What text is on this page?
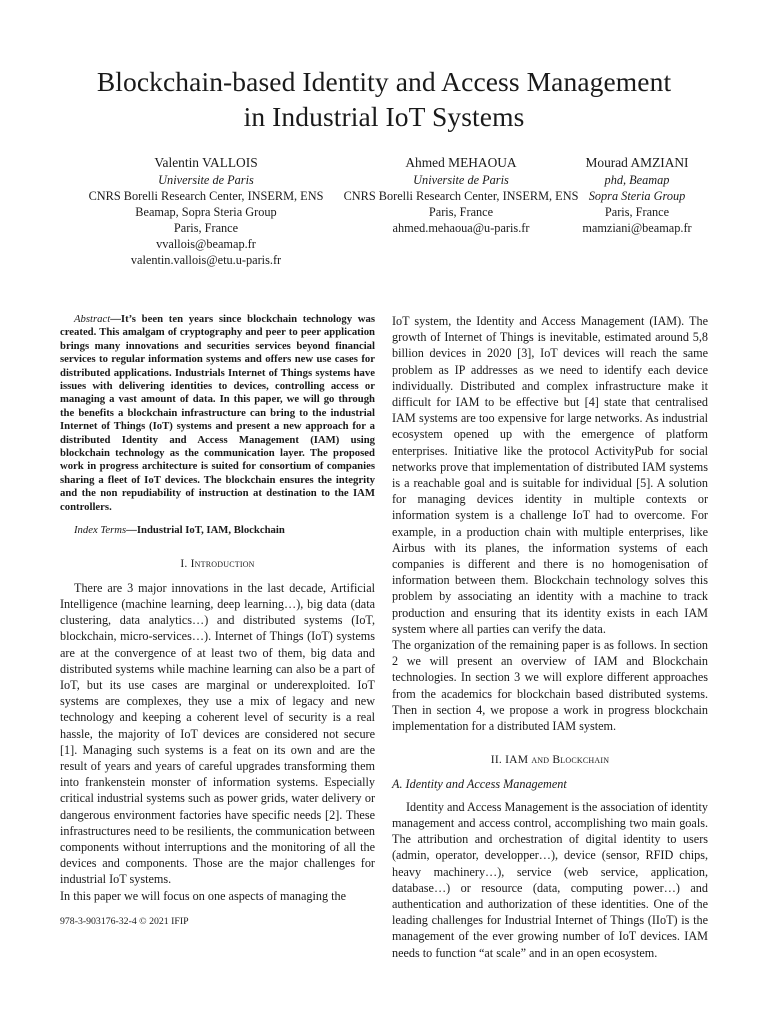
Blockchain-based Identity and Access Management
in Industrial IoT Systems
Valentin VALLOIS
Universite de Paris
CNRS Borelli Research Center, INSERM, ENS
Beamap, Sopra Steria Group
Paris, France
vvallois@beamap.fr
valentin.vallois@etu.u-paris.fr
Ahmed MEHAOUA
Universite de Paris
CNRS Borelli Research Center, INSERM, ENS
Paris, France
ahmed.mehaoua@u-paris.fr
Mourad AMZIANI
phd, Beamap
Sopra Steria Group
Paris, France
mamziani@beamap.fr

Abstract—It’s been ten years since blockchain technology was created. This amalgam of cryptography and peer to peer application brings many innovations and securities services beyond financial services to regular information systems and offers new use cases for distributed applications. Industrials Internet of Things systems have issues with delivering identities to devices, controlling access or managing a vast amount of data. In this paper, we will go through the benefits a blockchain infrastructure can bring to the industrial Internet of Things (IoT) systems and present a new approach for a distributed Identity and Access Management (IAM) using blockchain technology as the communication layer. The proposed work in progress architecture is suited for consortium of companies sharing a fleet of IoT devices. The blockchain ensures the integrity and the non repudiability of instruction at destination to the IAM controllers.

Index Terms—Industrial IoT, IAM, Blockchain

I. Introduction

There are 3 major innovations in the last decade, Artificial Intelligence (machine learning, deep learning…), big data (data clustering, data analytics…) and distributed systems (IoT, blockchain, micro-services…). Internet of Things (IoT) systems are at the convergence of at least two of them, big data and distributed systems while machine learning can also be a part of IoT, but its use cases are marginal or underexploited. IoT systems are complexes, they use a mix of legacy and new technology and keeping a coherent level of security is a real hassle, the majority of IoT devices are considered not secure [1]. Managing such systems is a feat on its own and are the result of years and years of careful upgrades transforming them into frankenstein monster of information systems. Especially critical industrial systems such as power grids, water delivery or dangerous environment factories have specific needs [2]. These infrastructures need to be resilients, the communication between components without interruptions and the monitoring of all the devices and components. Those are the major challenges for industrial IoT systems.

In this paper we will focus on one aspects of managing the

IoT system, the Identity and Access Management (IAM). The growth of Internet of Things is inevitable, estimated around 5,8 billion devices in 2020 [3], IoT devices will reach the same problem as IP addresses as we need to identify each device individually. Distributed and complex infrastructure make it difficult for IAM to be effective but [4] state that centralised IAM systems are too expensive for large networks. As industrial ecosystem opened up with the emergence of platform enterprises. Initiative like the protocol ActivityPub for social networks prove that implementation of distributed IAM systems is a reachable goal and is suitable for individual [5]. A solution for managing devices identity in multiple contexts or information system is a challenge IoT had to overcome. For example, in a production chain with multiple enterprises, like Airbus with its planes, the information systems of each companies is different and there is no homogenisation of information between them. Blockchain technology solves this problem by associating an identity with a machine to track production and ensuring that its identity exists in each IAM system where all parties can verify the data.

The organization of the remaining paper is as follows. In section 2 we will present an overview of IAM and Blockchain technologies. In section 3 we will explore different approaches from the academics for blockchain based distributed systems. Then in section 4, we propose a work in progress blockchain implementation for a distributed IAM system.

II. IAM and Blockchain

A. Identity and Access Management

Identity and Access Management is the association of identity management and access control, accomplishing two main goals. The attribution and orchestration of digital identity to users (admin, operator, developper…), device (sensor, RFID chips, heavy machinery…), service (web service, application, database…) or resource (data, computing power…) and authentication and authorization of these identities. One of the leading challenges for Industrial Internet of Things (IIoT) is the management of the ever growing number of IoT devices. IAM needs to function “at scale” and in an open ecosystem.

978-3-903176-32-4 © 2021 IFIP
